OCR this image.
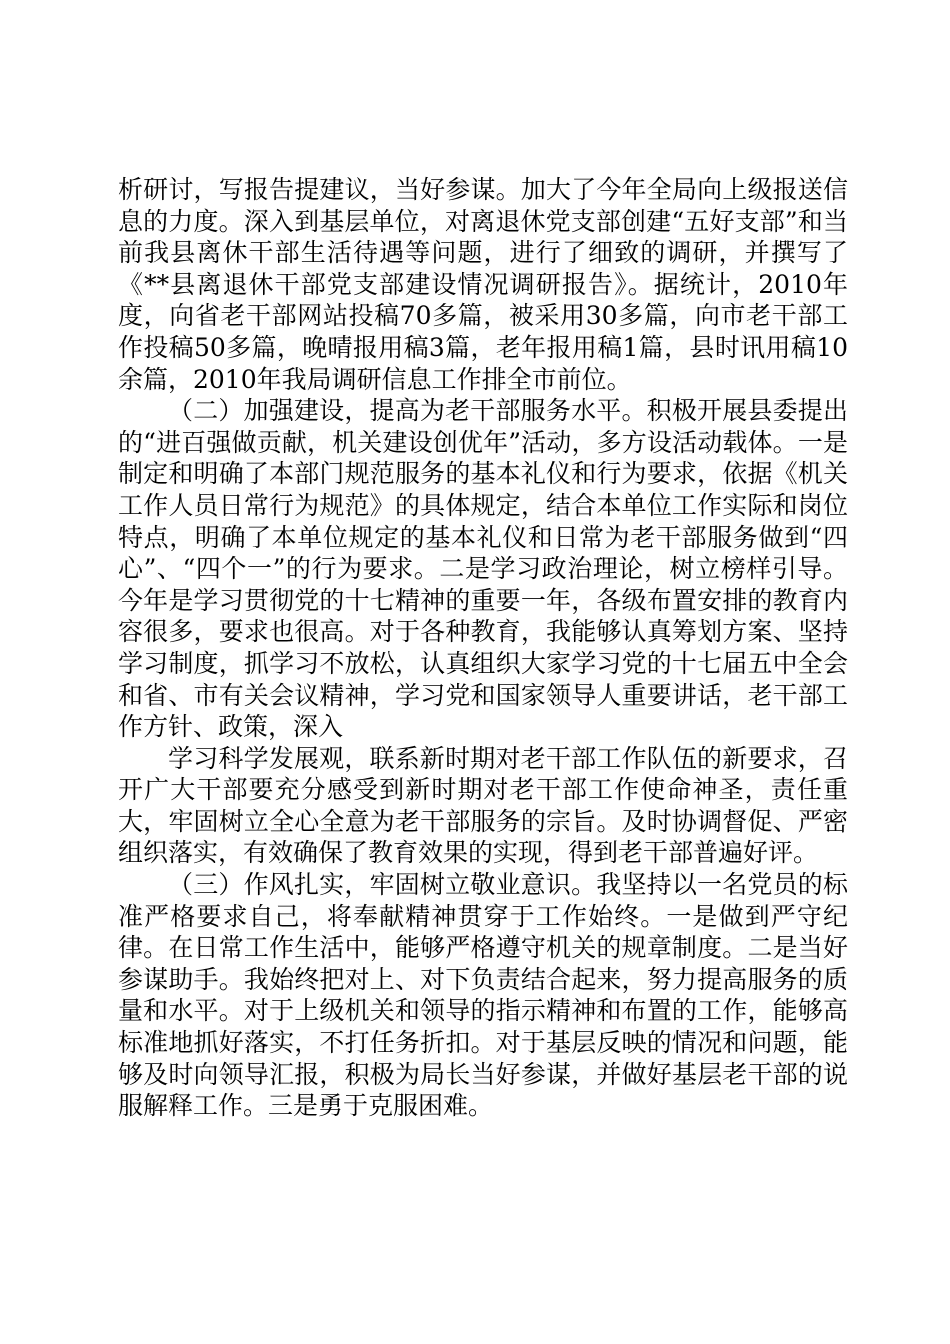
析研讨，写报告提建议，当好参谋。加大了今年全局向上级报送信息的力度。深入到基层单位，对离退休党支部创建“五好支部”和当前我县离休干部生活待遇等问题，进行了细致的调研，并撰写了《**县离退休干部党支部建设情况调研报告》。据统计，2010年度，向省老干部网站投稿70多篇，被采用30多篇，向市老干部工作投稿50多篇，晚晴报用稿3篇，老年报用稿1篇，县时讯用稿10余篇，2010年我局调研信息工作排全市前位。

（二）加强建设，提高为老干部服务水平。积极开展县委提出的“进百强做贡献，机关建设创优年”活动，多方设活动载体。一是制定和明确了本部门规范服务的基本礼仪和行为要求，依据《机关工作人员日常行为规范》的具体规定，结合本单位工作实际和岗位特点，明确了本单位规定的基本礼仪和日常为老干部服务做到“四心”、“四个一”的行为要求。二是学习政治理论，树立榜样引导。今年是学习贯彻党的十七精神的重要一年，各级布置安排的教育内容很多，要求也很高。对于各种教育，我能够认真筹划方案、坚持学习制度，抓学习不放松，认真组织大家学习党的十七届五中全会和省、市有关会议精神，学习党和国家领导人重要讲话，老干部工作方针、政策，深入

学习科学发展观，联系新时期对老干部工作队伍的新要求，召开广大干部要充分感受到新时期对老干部工作使命神圣，责任重大，牢固树立全心全意为老干部服务的宗旨。及时协调督促、严密组织落实，有效确保了教育效果的实现，得到老干部普遍好评。

（三）作风扎实，牢固树立敬业意识。我坚持以一名党员的标准严格要求自己，将奉献精神贯穿于工作始终。一是做到严守纪律。在日常工作生活中，能够严格遵守机关的规章制度。二是当好参谋助手。我始终把对上、对下负责结合起来，努力提高服务的质量和水平。对于上级机关和领导的指示精神和布置的工作，能够高标准地抓好落实，不打任务折扣。对于基层反映的情况和问题，能够及时向领导汇报，积极为局长当好参谋，并做好基层老干部的说服解释工作。三是勇于克服困难。
